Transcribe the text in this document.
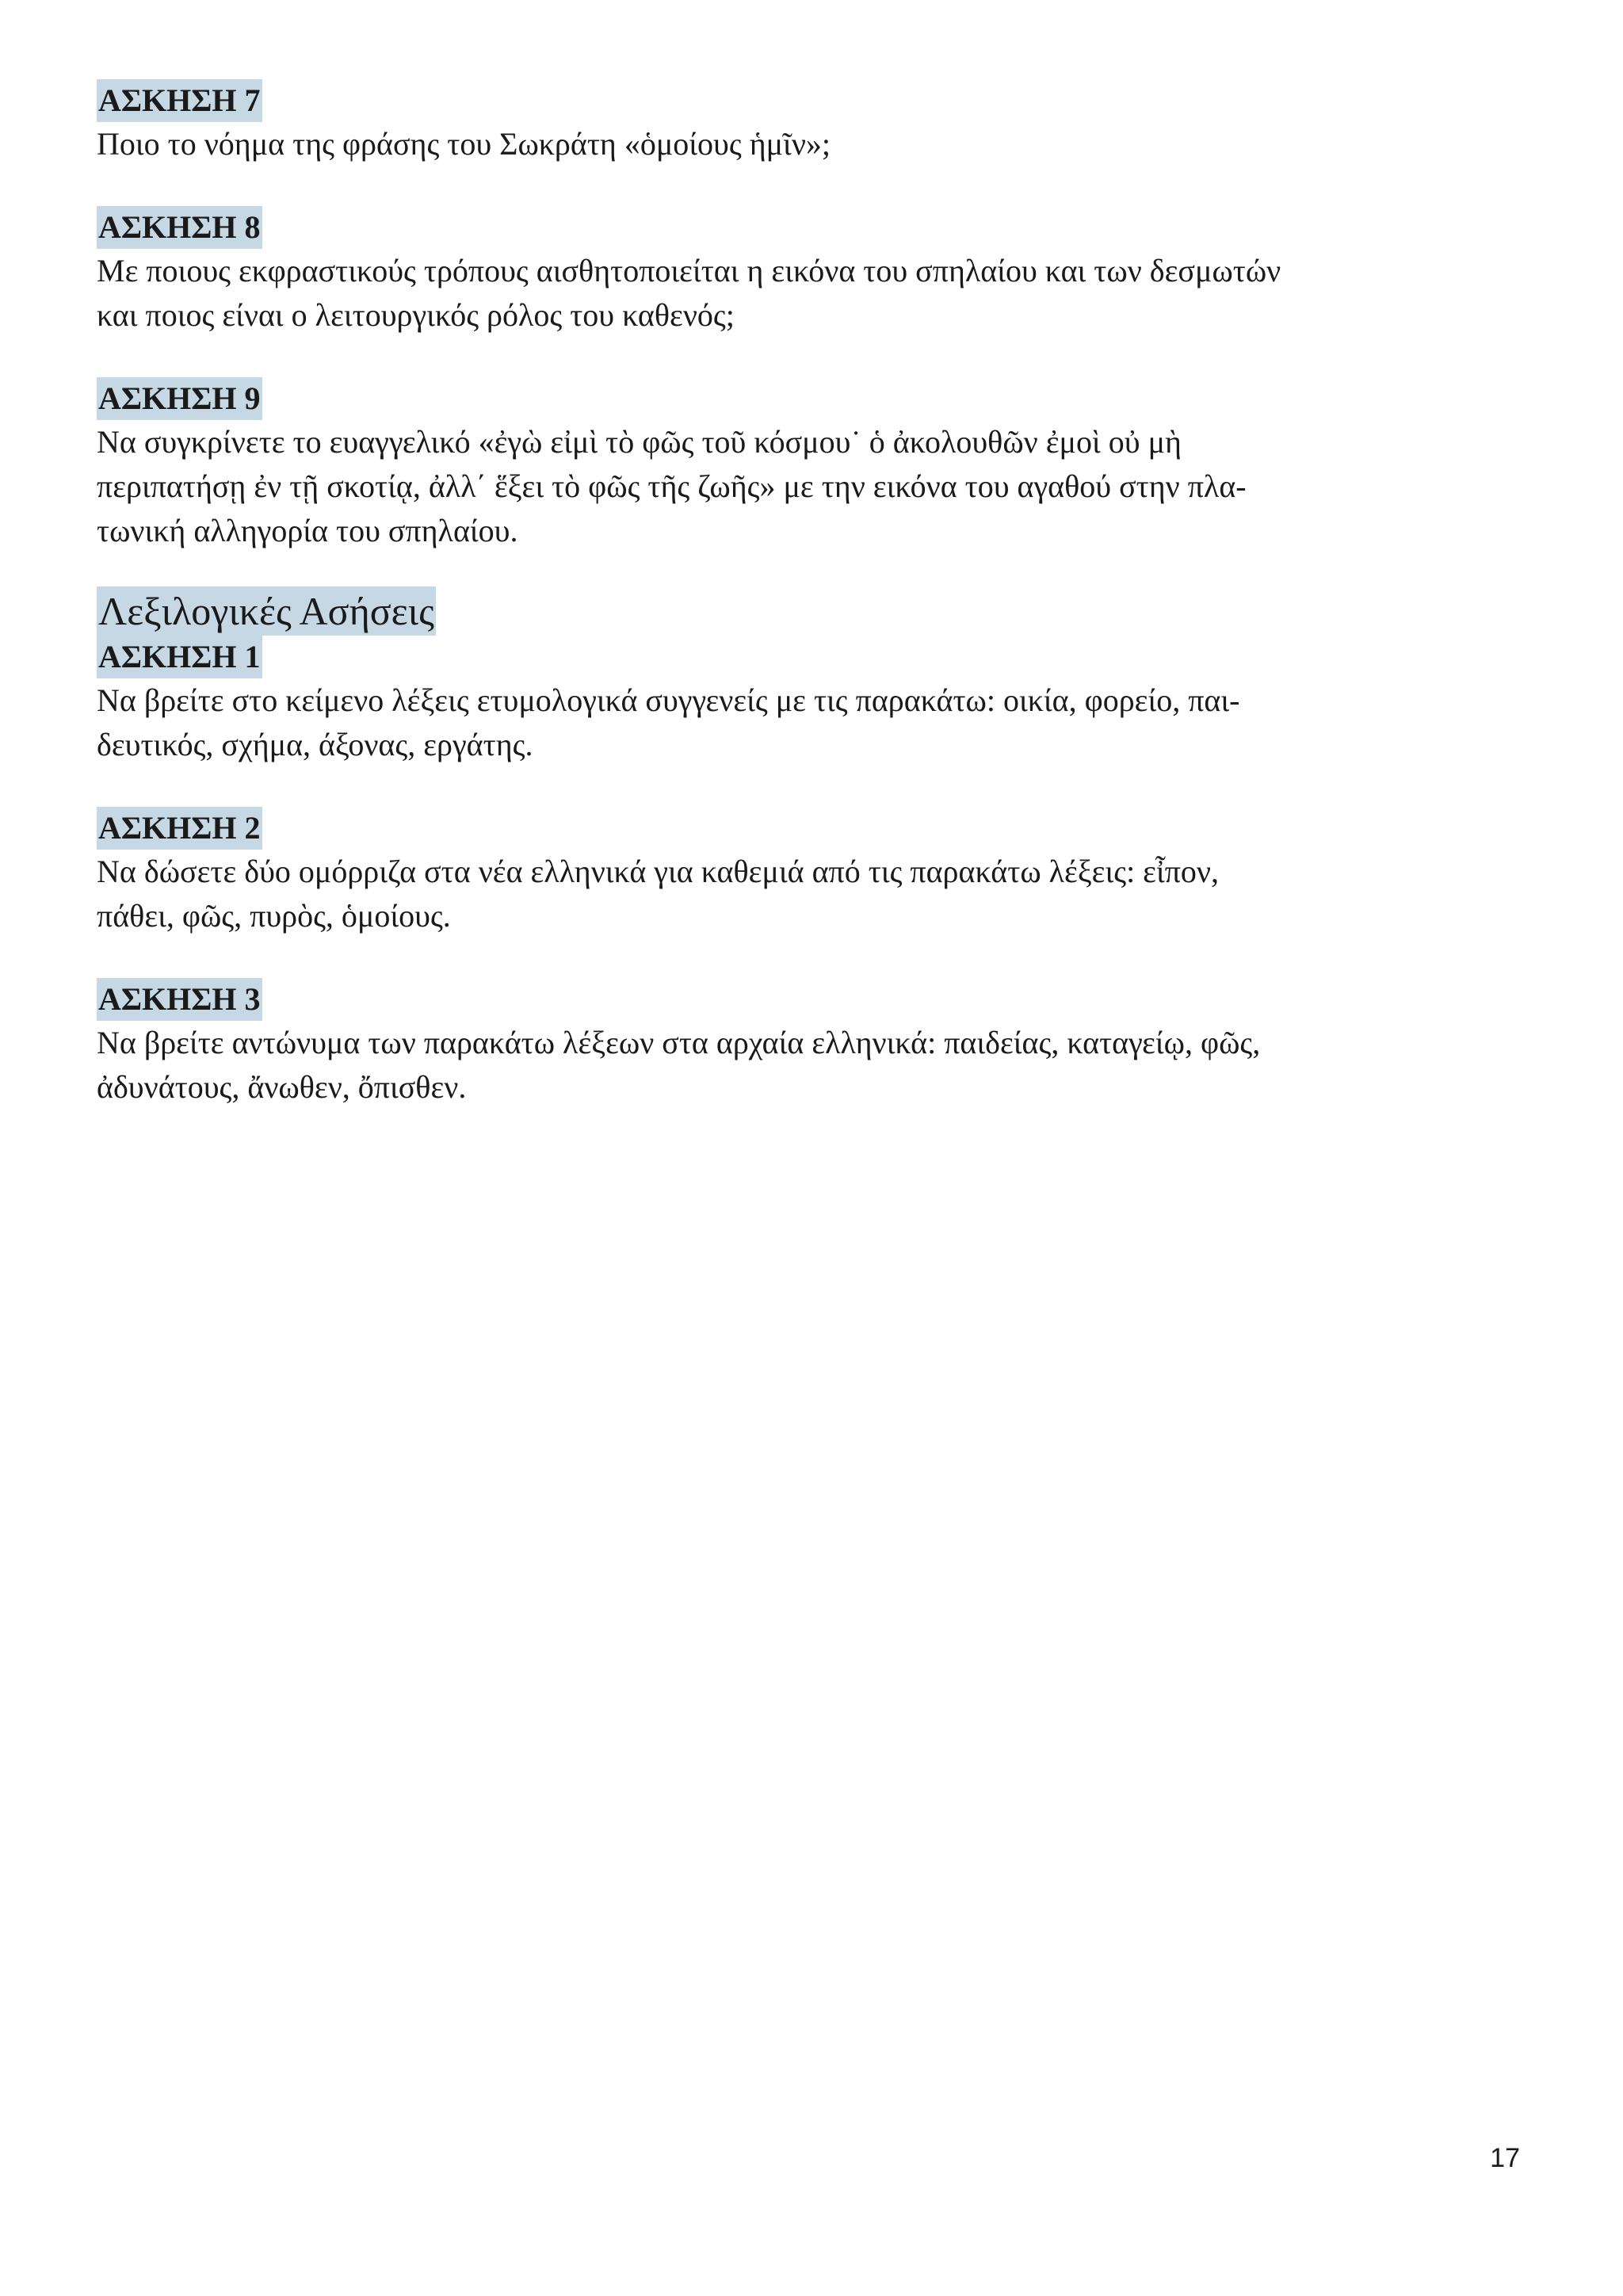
ΑΣΚΗΣΗ 7

Ποιο το νόημα της φράσης του Σωκράτη «ὁμοίους ἡμῖν»;

ΑΣΚΗΣΗ 8

Με ποιους εκφραστικούς τρόπους αισθητοποιείται η εικόνα του σπηλαίου και των δεσμωτών
και ποιος είναι ο λειτουργικός ρόλος του καθενός;

ΑΣΚΗΣΗ 9

Να συγκρίνετε το ευαγγελικό «ἐγὼ εἰμὶ τὸ φῶς τοῦ κόσμου˙ ὁ ἀκολουθῶν ἐμοὶ οὐ μὴ
περιπατήσῃ ἐν τῇ σκοτίᾳ, ἀλλ΄ ἕξει τὸ φῶς τῆς ζωῆς» με την εικόνα του αγαθού στην πλα-
τωνική αλληγορία του σπηλαίου.

Λεξιλογικές Ασήσεις
ΑΣΚΗΣΗ 1

Να βρείτε στο κείμενο λέξεις ετυμολογικά συγγενείς με τις παρακάτω: οικία, φορείο, παι-
δευτικός, σχήμα, άξονας, εργάτης.

ΑΣΚΗΣΗ 2

Να δώσετε δύο ομόρριζα στα νέα ελληνικά για καθεμιά από τις παρακάτω λέξεις: εἶπον,
πάθει, φῶς, πυρὸς, ὁμοίους.

ΑΣΚΗΣΗ 3

Να βρείτε αντώνυμα των παρακάτω λέξεων στα αρχαία ελληνικά: παιδείας, καταγείῳ, φῶς,
ἀδυνάτους, ἄνωθεν, ὄπισθεν.

17
